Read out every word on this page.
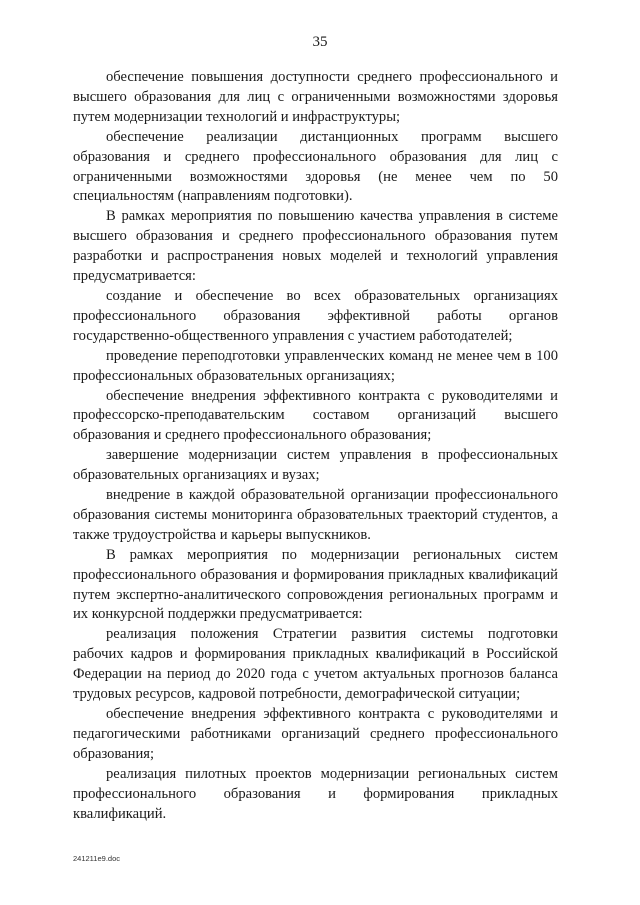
35

обеспечение повышения доступности среднего профессионального и высшего образования для лиц с ограниченными возможностями здоровья путем модернизации технологий и инфраструктуры;

обеспечение реализации дистанционных программ высшего образования и среднего профессионального образования для лиц с ограниченными возможностями здоровья (не менее чем по 50 специальностям (направлениям подготовки).

В рамках мероприятия по повышению качества управления в системе высшего образования и среднего профессионального образования путем разработки и распространения новых моделей и технологий управления предусматривается:

создание и обеспечение во всех образовательных организациях профессионального образования эффективной работы органов государственно-общественного управления с участием работодателей;

проведение переподготовки управленческих команд не менее чем в 100 профессиональных образовательных организациях;

обеспечение внедрения эффективного контракта с руководителями и профессорско-преподавательским составом организаций высшего образования и среднего профессионального образования;

завершение модернизации систем управления в профессиональных образовательных организациях и вузах;

внедрение в каждой образовательной организации профессионального образования системы мониторинга образовательных траекторий студентов, а также трудоустройства и карьеры выпускников.

В рамках мероприятия по модернизации региональных систем профессионального образования и формирования прикладных квалификаций путем экспертно-аналитического сопровождения региональных программ и их конкурсной поддержки предусматривается:

реализация положения Стратегии развития системы подготовки рабочих кадров и формирования прикладных квалификаций в Российской Федерации на период до 2020 года с учетом актуальных прогнозов баланса трудовых ресурсов, кадровой потребности, демографической ситуации;

обеспечение внедрения эффективного контракта с руководителями и педагогическими работниками организаций среднего профессионального образования;

реализация пилотных проектов модернизации региональных систем профессионального образования и формирования прикладных квалификаций.

241211e9.doc
